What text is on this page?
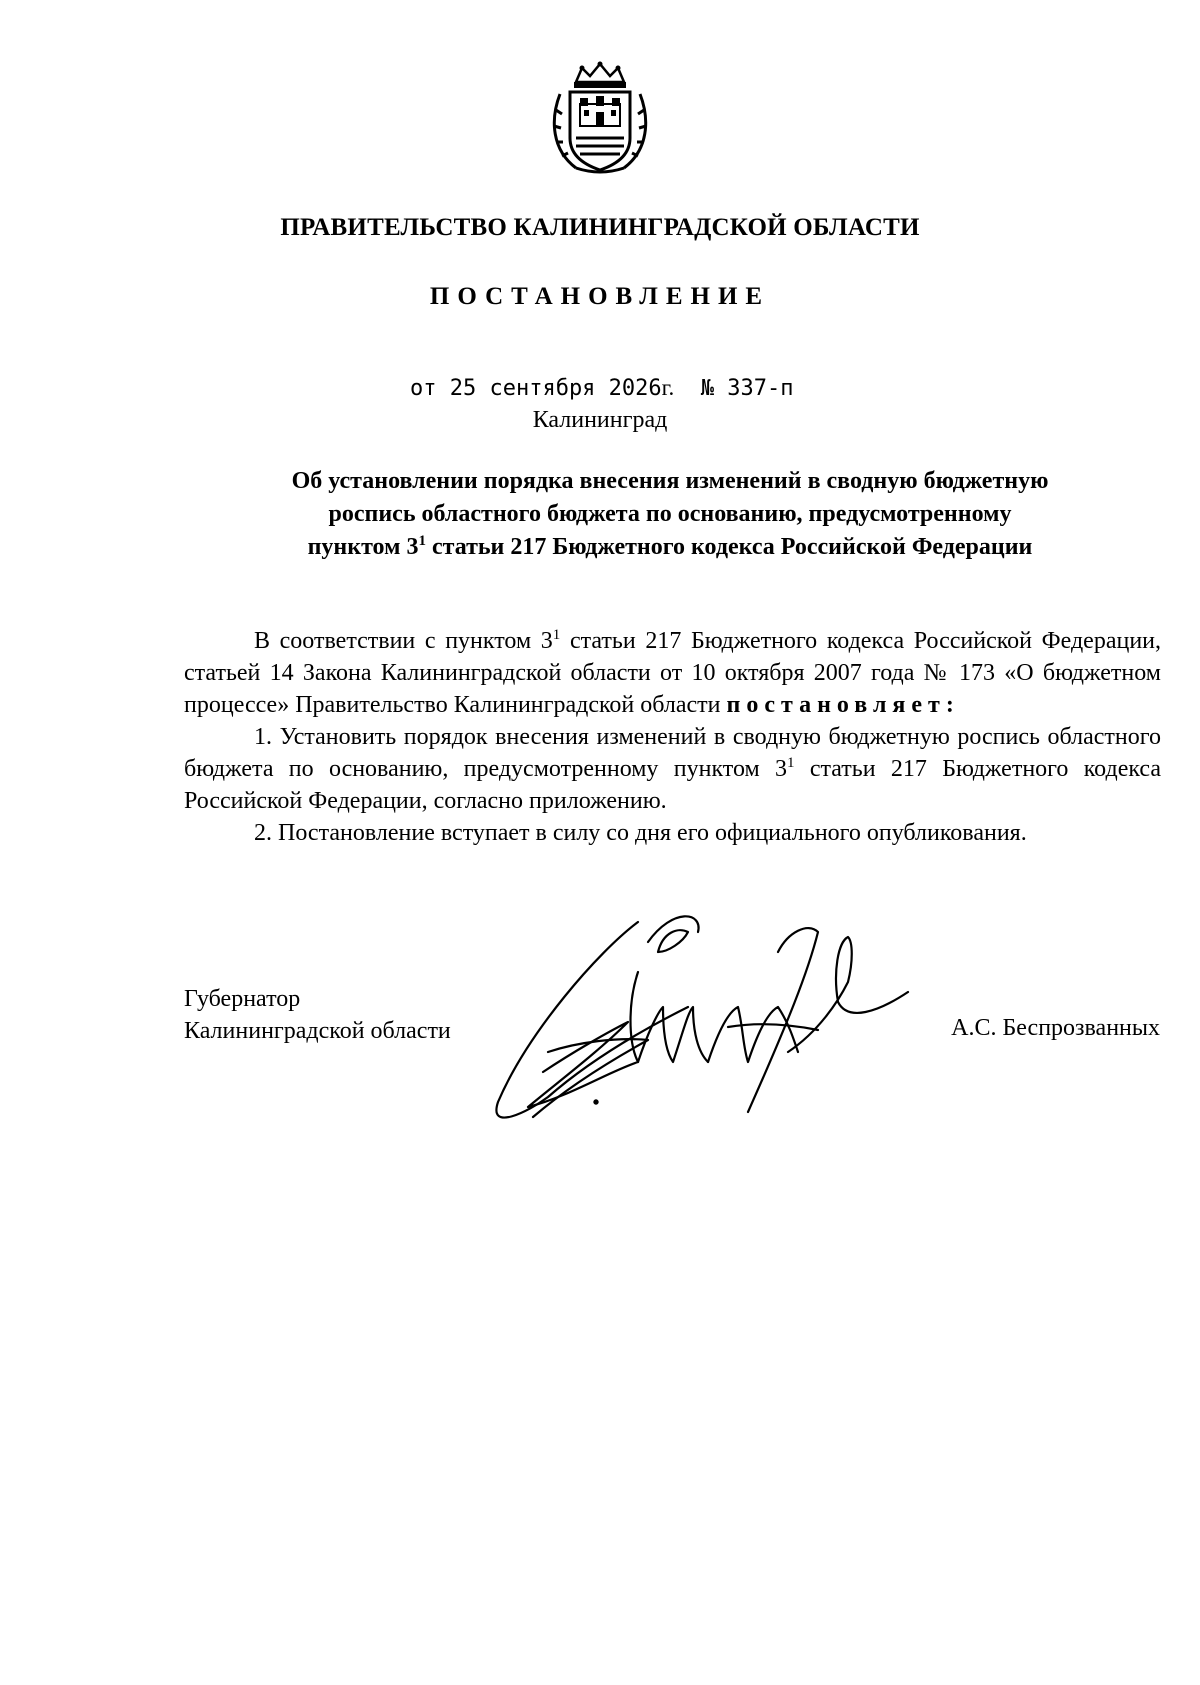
ПРАВИТЕЛЬСТВО КАЛИНИНГРАДСКОЙ ОБЛАСТИ
ПОСТАНОВЛЕНИЕ
от 25 сентября 2026г. № 337-п
Калининград
Об установлении порядка внесения изменений в сводную бюджетную
роспись областного бюджета по основанию, предусмотренному
пунктом $3^1$ статьи 217 Бюджетного кодекса Российской Федерации

В соответствии с пунктом $3^1$ статьи 217 Бюджетного кодекса Российской Федерации, статьей 14 Закона Калининградской области от 10 октября 2007 года № 173 «О бюджетном процессе» Правительство Калининградской области постановляет:

1. Установить порядок внесения изменений в сводную бюджетную роспись областного бюджета по основанию, предусмотренному пунктом $3^1$ статьи 217 Бюджетного кодекса Российской Федерации, согласно приложению.

2. Постановление вступает в силу со дня его официального опубликования.

Губернатор
Калининградской области	А.С. Беспрозванных
